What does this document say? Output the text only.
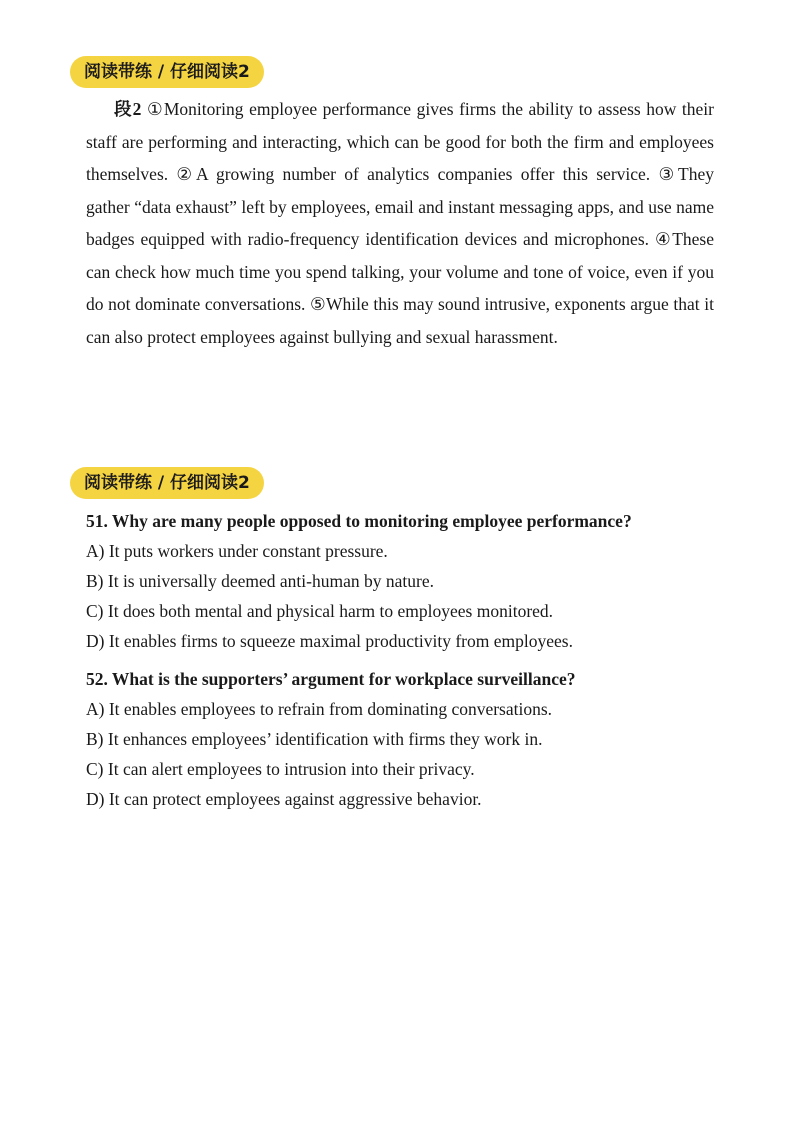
阅读带练 / 仔细阅读2

段2 ①Monitoring employee performance gives firms the ability to assess how their staff are performing and interacting, which can be good for both the firm and employees themselves. ②A growing number of analytics companies offer this service. ③They gather “data exhaust” left by employees, email and instant messaging apps, and use name badges equipped with radio-frequency identification devices and microphones. ④These can check how much time you spend talking, your volume and tone of voice, even if you do not dominate conversations. ⑤While this may sound intrusive, exponents argue that it can also protect employees against bullying and sexual harassment.

阅读带练 / 仔细阅读2

51. Why are many people opposed to monitoring employee performance?

A) It puts workers under constant pressure.

B) It is universally deemed anti-human by nature.

C) It does both mental and physical harm to employees monitored.

D) It enables firms to squeeze maximal productivity from employees.

52. What is the supporters’ argument for workplace surveillance?

A) It enables employees to refrain from dominating conversations.

B) It enhances employees’ identification with firms they work in.

C) It can alert employees to intrusion into their privacy.

D) It can protect employees against aggressive behavior.
